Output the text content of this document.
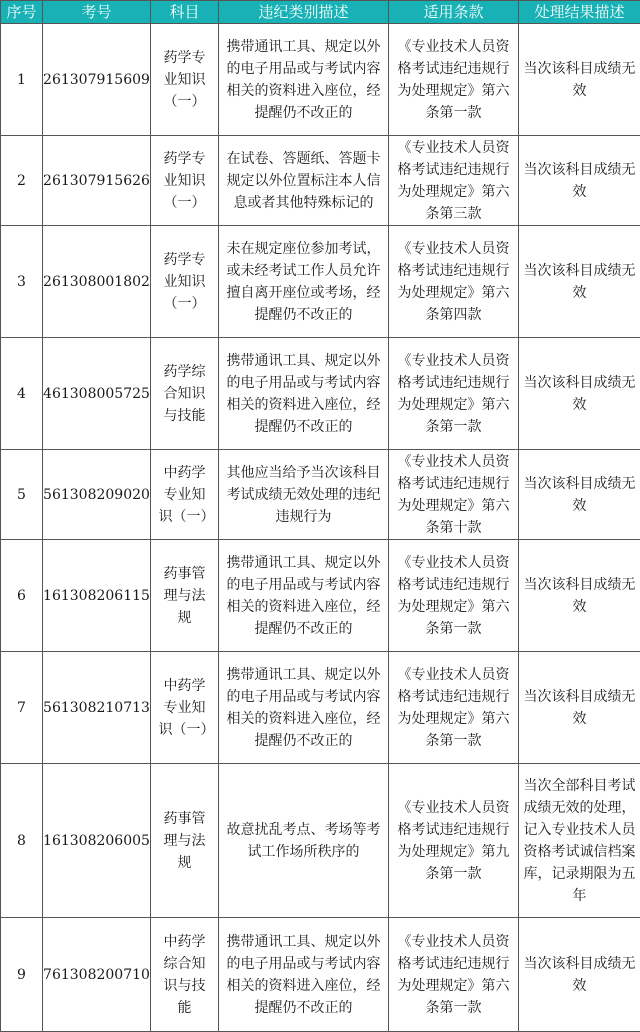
序号	考号	科目	违纪类别描述	适用条款	处理结果描述
1	261307915609	药学专业知识（一）	携带通讯工具、规定以外的电子用品或与考试内容相关的资料进入座位，经提醒仍不改正的	《专业技术人员资格考试违纪违规行为处理规定》第六条第一款	当次该科目成绩无效

2	261307915626	药学专业知识（一）	在试卷、答题纸、答题卡规定以外位置标注本人信息或者其他特殊标记的	《专业技术人员资格考试违纪违规行为处理规定》第六条第三款	当次该科目成绩无效

3	261308001802	药学专业知识（一）	未在规定座位参加考试，或未经考试工作人员允许擅自离开座位或考场，经提醒仍不改正的	《专业技术人员资格考试违纪违规行为处理规定》第六条第四款	当次该科目成绩无效

4	461308005725	药学综合知识与技能	携带通讯工具、规定以外的电子用品或与考试内容相关的资料进入座位，经提醒仍不改正的	《专业技术人员资格考试违纪违规行为处理规定》第六条第一款	当次该科目成绩无效

5	561308209020	中药学专业知识（一）	其他应当给予当次该科目考试成绩无效处理的违纪违规行为	《专业技术人员资格考试违纪违规行为处理规定》第六条第十款	当次该科目成绩无效

6	161308206115	药事管理与法规	携带通讯工具、规定以外的电子用品或与考试内容相关的资料进入座位，经提醒仍不改正的	《专业技术人员资格考试违纪违规行为处理规定》第六条第一款	当次该科目成绩无效

7	561308210713	中药学专业知识（一）	携带通讯工具、规定以外的电子用品或与考试内容相关的资料进入座位，经提醒仍不改正的	《专业技术人员资格考试违纪违规行为处理规定》第六条第一款	当次该科目成绩无效

8	161308206005	药事管理与法规	故意扰乱考点、考场等考试工作场所秩序的	《专业技术人员资格考试违纪违规行为处理规定》第九条第一款	当次全部科目考试成绩无效的处理，记入专业技术人员资格考试诚信档案库，记录期限为五年

9	761308200710	中药学综合知识与技能	携带通讯工具、规定以外的电子用品或与考试内容相关的资料进入座位，经提醒仍不改正的	《专业技术人员资格考试违纪违规行为处理规定》第六条第一款	当次该科目成绩无效
